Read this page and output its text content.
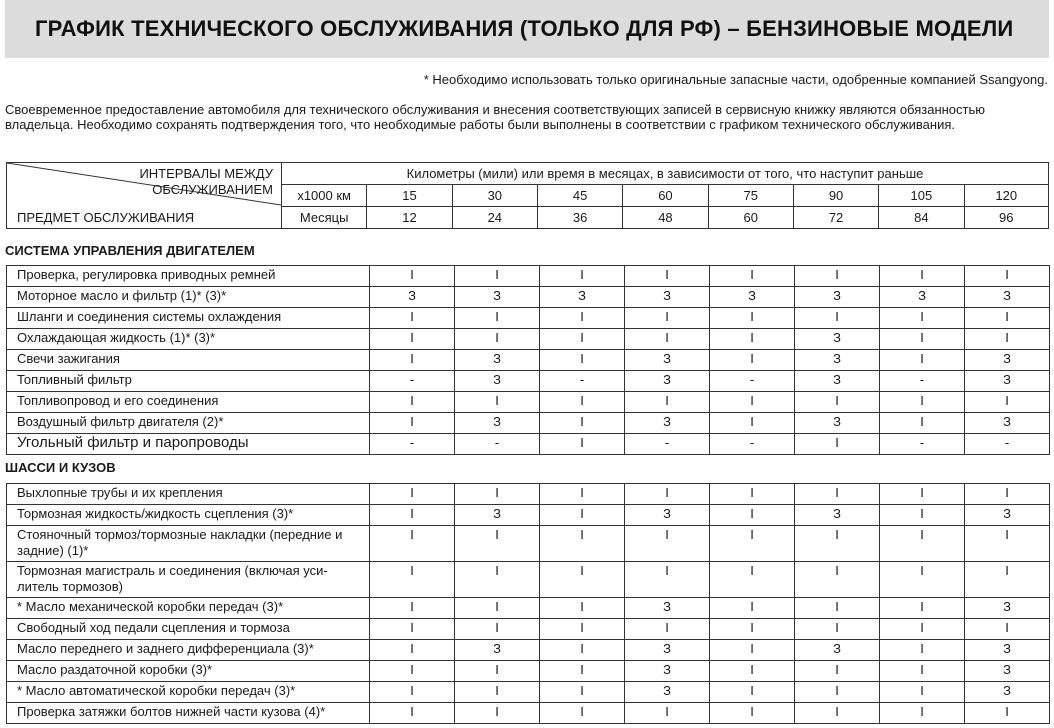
ГРАФИК ТЕХНИЧЕСКОГО ОБСЛУЖИВАНИЯ (ТОЛЬКО ДЛЯ РФ) – БЕНЗИНОВЫЕ МОДЕЛИ
* Необходимо использовать только оригинальные запасные части, одобренные компанией Ssangyong.

Своевременное предоставление автомобиля для технического обслуживания и внесения соответствующих записей в сервисную книжку являются обязанностью владельца. Необходимо сохранять подтверждения того, что необходимые работы были выполнены в соответствии с графиком технического обслуживания.

ИНТЕРВАЛЫ МЕЖДУ
ОБСЛУЖИВАНИЕМ
ПРЕДМЕТ ОБСЛУЖИВАНИЯ	Километры (мили) или время в месяцах, в зависимости от того, что наступит раньше								
	x1000 км	15	30	45	60	75	90	105	120
	Месяцы	12	24	36	48	60	72	84	96
СИСТЕМА УПРАВЛЕНИЯ ДВИГАТЕЛЕМ
Проверка, регулировка приводных ремней	I	I	I	I	I	I	I	I
Моторное масло и фильтр (1)* (3)*	З	З	З	З	З	З	З	З
Шланги и соединения системы охлаждения	I	I	I	I	I	I	I	I
Охлаждающая жидкость (1)* (3)*	I	I	I	I	I	З	I	I
Свечи зажигания	I	З	I	З	I	З	I	З
Топливный фильтр	-	З	-	З	-	З	-	З
Топливопровод и его соединения	I	I	I	I	I	I	I	I
Воздушный фильтр двигателя (2)*	I	З	I	З	I	З	I	З
Угольный фильтр и паропроводы	-	-	I	-	-	I	-	-
ШАССИ И КУЗОВ
Выхлопные трубы и их крепления	I	I	I	I	I	I	I	I
Тормозная жидкость/жидкость сцепления (3)*	I	З	I	З	I	З	I	З
Стояночный тормоз/тормозные накладки (передние и задние) (1)*	I	I	I	I	I	I	I	I
Тормозная магистраль и соединения (включая уси-литель тормозов)	I	I	I	I	I	I	I	I
* Масло механической коробки передач (3)*	I	I	I	З	I	I	I	З
Свободный ход педали сцепления и тормоза	I	I	I	I	I	I	I	I
Масло переднего и заднего дифференциала (3)*	I	З	I	З	I	З	I	З
Масло раздаточной коробки (3)*	I	I	I	З	I	I	I	З
* Масло автоматической коробки передач (3)*	I	I	I	З	I	I	I	З
Проверка затяжки болтов нижней части кузова (4)*	I	I	I	I	I	I	I	I
